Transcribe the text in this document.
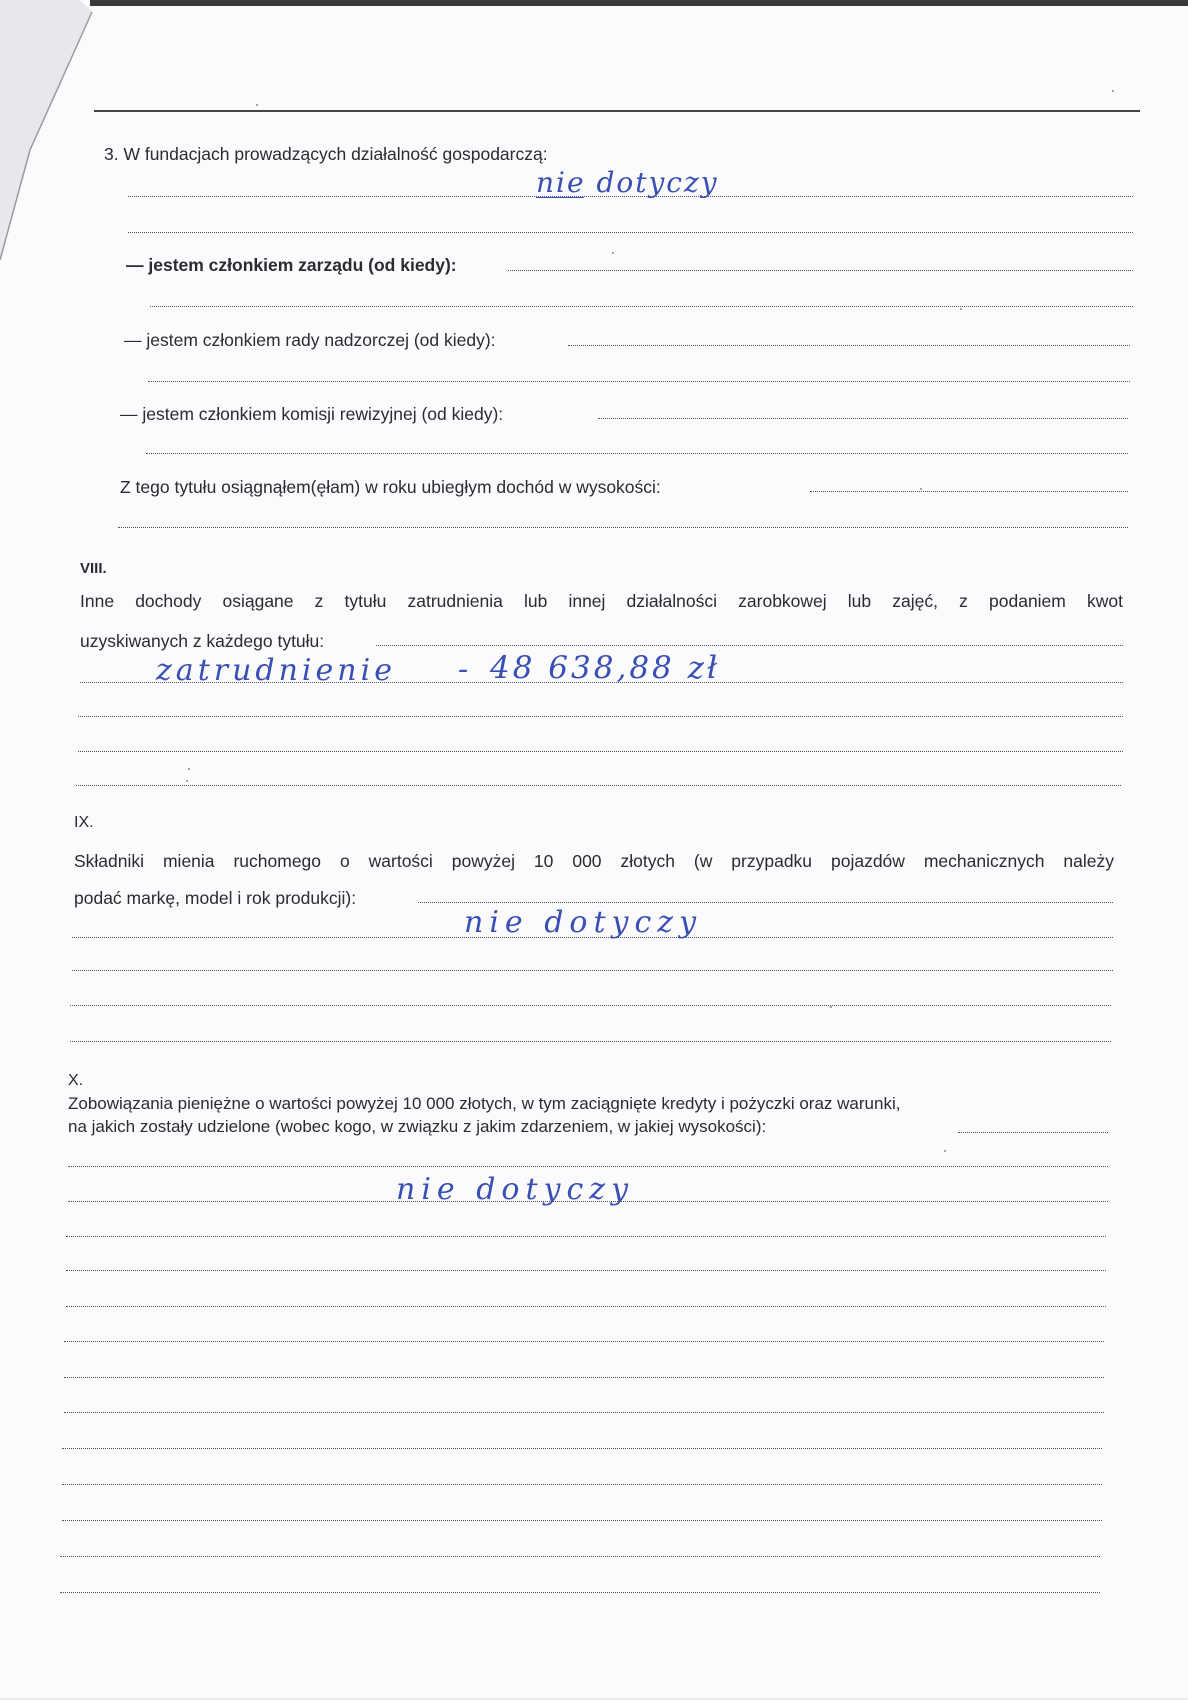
3. W fundacjach prowadzących działalność gospodarczą:
nie dotyczy
— jestem członkiem zarządu (od kiedy):
— jestem członkiem rady nadzorczej (od kiedy):
— jestem członkiem komisji rewizyjnej (od kiedy):
Z tego tytułu osiągnąłem(ęłam) w roku ubiegłym dochód w wysokości:
VIII.
Inne dochody osiągane z tytułu zatrudnienia lub innej działalności zarobkowej lub zajęć, z podaniem kwot
uzyskiwanych z każdego tytułu:
zatrudnienie - 48 638,88 zł
IX.
Składniki mienia ruchomego o wartości powyżej 10 000 złotych (w przypadku pojazdów mechanicznych należy
podać markę, model i rok produkcji):
nie dotyczy
X.
Zobowiązania pieniężne o wartości powyżej 10 000 złotych, w tym zaciągnięte kredyty i pożyczki oraz warunki,
na jakich zostały udzielone (wobec kogo, w związku z jakim zdarzeniem, w jakiej wysokości):
nie dotyczy
